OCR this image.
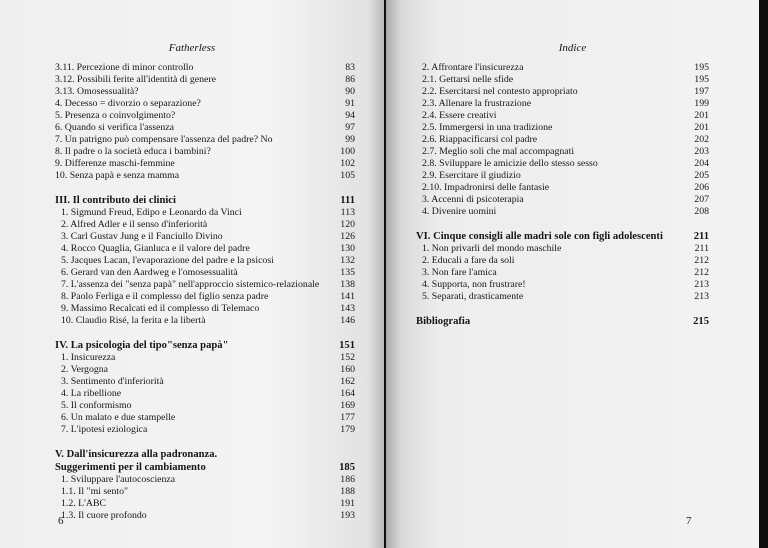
Fatherless
3.11. Percezione di minor controllo	83
3.12. Possibili ferite all'identità di genere	86
3.13. Omosessualità?	90
4. Decesso = divorzio o separazione?	91
5. Presenza o coinvolgimento?	94
6. Quando si verifica l'assenza	97
7. Un patrigno può compensare l'assenza del padre? No	99
8. Il padre o la società educa i bambini?	100
9. Differenze maschi-femmine	102
10. Senza papà e senza mamma	105
III. Il contributo dei clinici	111
1. Sigmund Freud, Edipo e Leonardo da Vinci	113
2. Alfred Adler e il senso d'inferiorità	120
3. Carl Gustav Jung e il Fanciullo Divino	126
4. Rocco Quaglia, Gianluca e il valore del padre	130
5. Jacques Lacan, l'evaporazione del padre e la psicosi	132
6. Gerard van den Aardweg e l'omosessualità	135
7. L'assenza dei "senza papà" nell'approccio sistemico-relazionale	138
8. Paolo Ferliga e il complesso del figlio senza padre	141
9. Massimo Recalcati ed il complesso di Telemaco	143
10. Claudio Risé, la ferita e la libertà	146
IV. La psicologia del tipo"senza papà"	151
1. Insicurezza	152
2. Vergogna	160
3. Sentimento d'inferiorità	162
4. La ribellione	164
5. Il conformismo	169
6. Un malato e due stampelle	177
7. L'ipotesi eziologica	179
V. Dall'insicurezza alla padronanza.
Suggerimenti per il cambiamento	185
1. Sviluppare l'autocoscienza	186
1.1. Il "mi sento"	188
1.2. L'ABC	191
1.3. Il cuore profondo	193
6
Indice
2. Affrontare l'insicurezza	195
2.1. Gettarsi nelle sfide	195
2.2. Esercitarsi nel contesto appropriato	197
2.3. Allenare la frustrazione	199
2.4. Essere creativi	201
2.5. Immergersi in una tradizione	201
2.6. Riappacificarsi col padre	202
2.7. Meglio soli che mal accompagnati	203
2.8. Sviluppare le amicizie dello stesso sesso	204
2.9. Esercitare il giudizio	205
2.10. Impadronirsi delle fantasie	206
3. Accenni di psicoterapia	207
4. Divenire uomini	208
VI. Cinque consigli alle madri sole con figli adolescenti	211
1. Non privarli del mondo maschile	211
2. Educali a fare da soli	212
3. Non fare l'amica	212
4. Supporta, non frustrare!	213
5. Separati, drasticamente	213
Bibliografia	215
7
